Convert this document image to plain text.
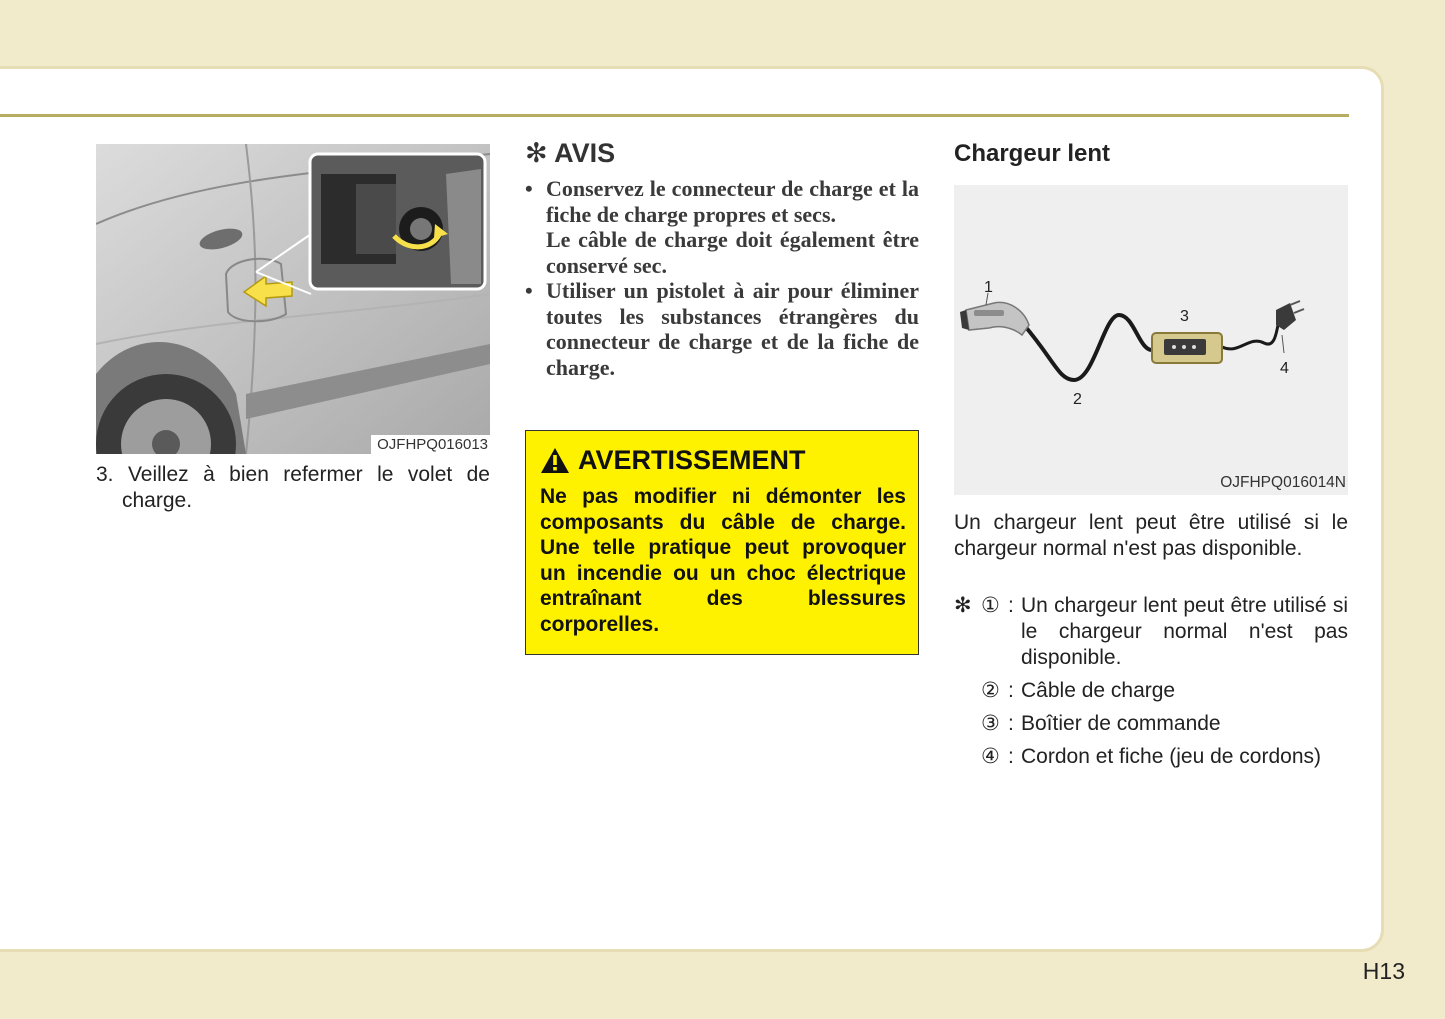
OJFHPQ016013
3. Veillez à bien refermer le volet de charge.
✻ AVIS
• Conservez le connecteur de charge et la fiche de charge propres et secs.
Le câble de charge doit également être conservé sec.
• Utiliser un pistolet à air pour éliminer toutes les substances étrangères du connecteur de charge et de la fiche de charge.
AVERTISSEMENT
Ne pas modifier ni démonter les composants du câble de charge. Une telle pratique peut provoquer un incendie ou un choc électrique entraînant des blessures corporelles.
Chargeur lent
1
2
3
4
OJFHPQ016014N
Un chargeur lent peut être utilisé si le chargeur normal n'est pas disponible.
✻ ① : Un chargeur lent peut être utilisé si le chargeur normal n'est pas disponible.
② : Câble de charge
③ : Boîtier de commande
④ : Cordon et fiche (jeu de cordons)
H13
